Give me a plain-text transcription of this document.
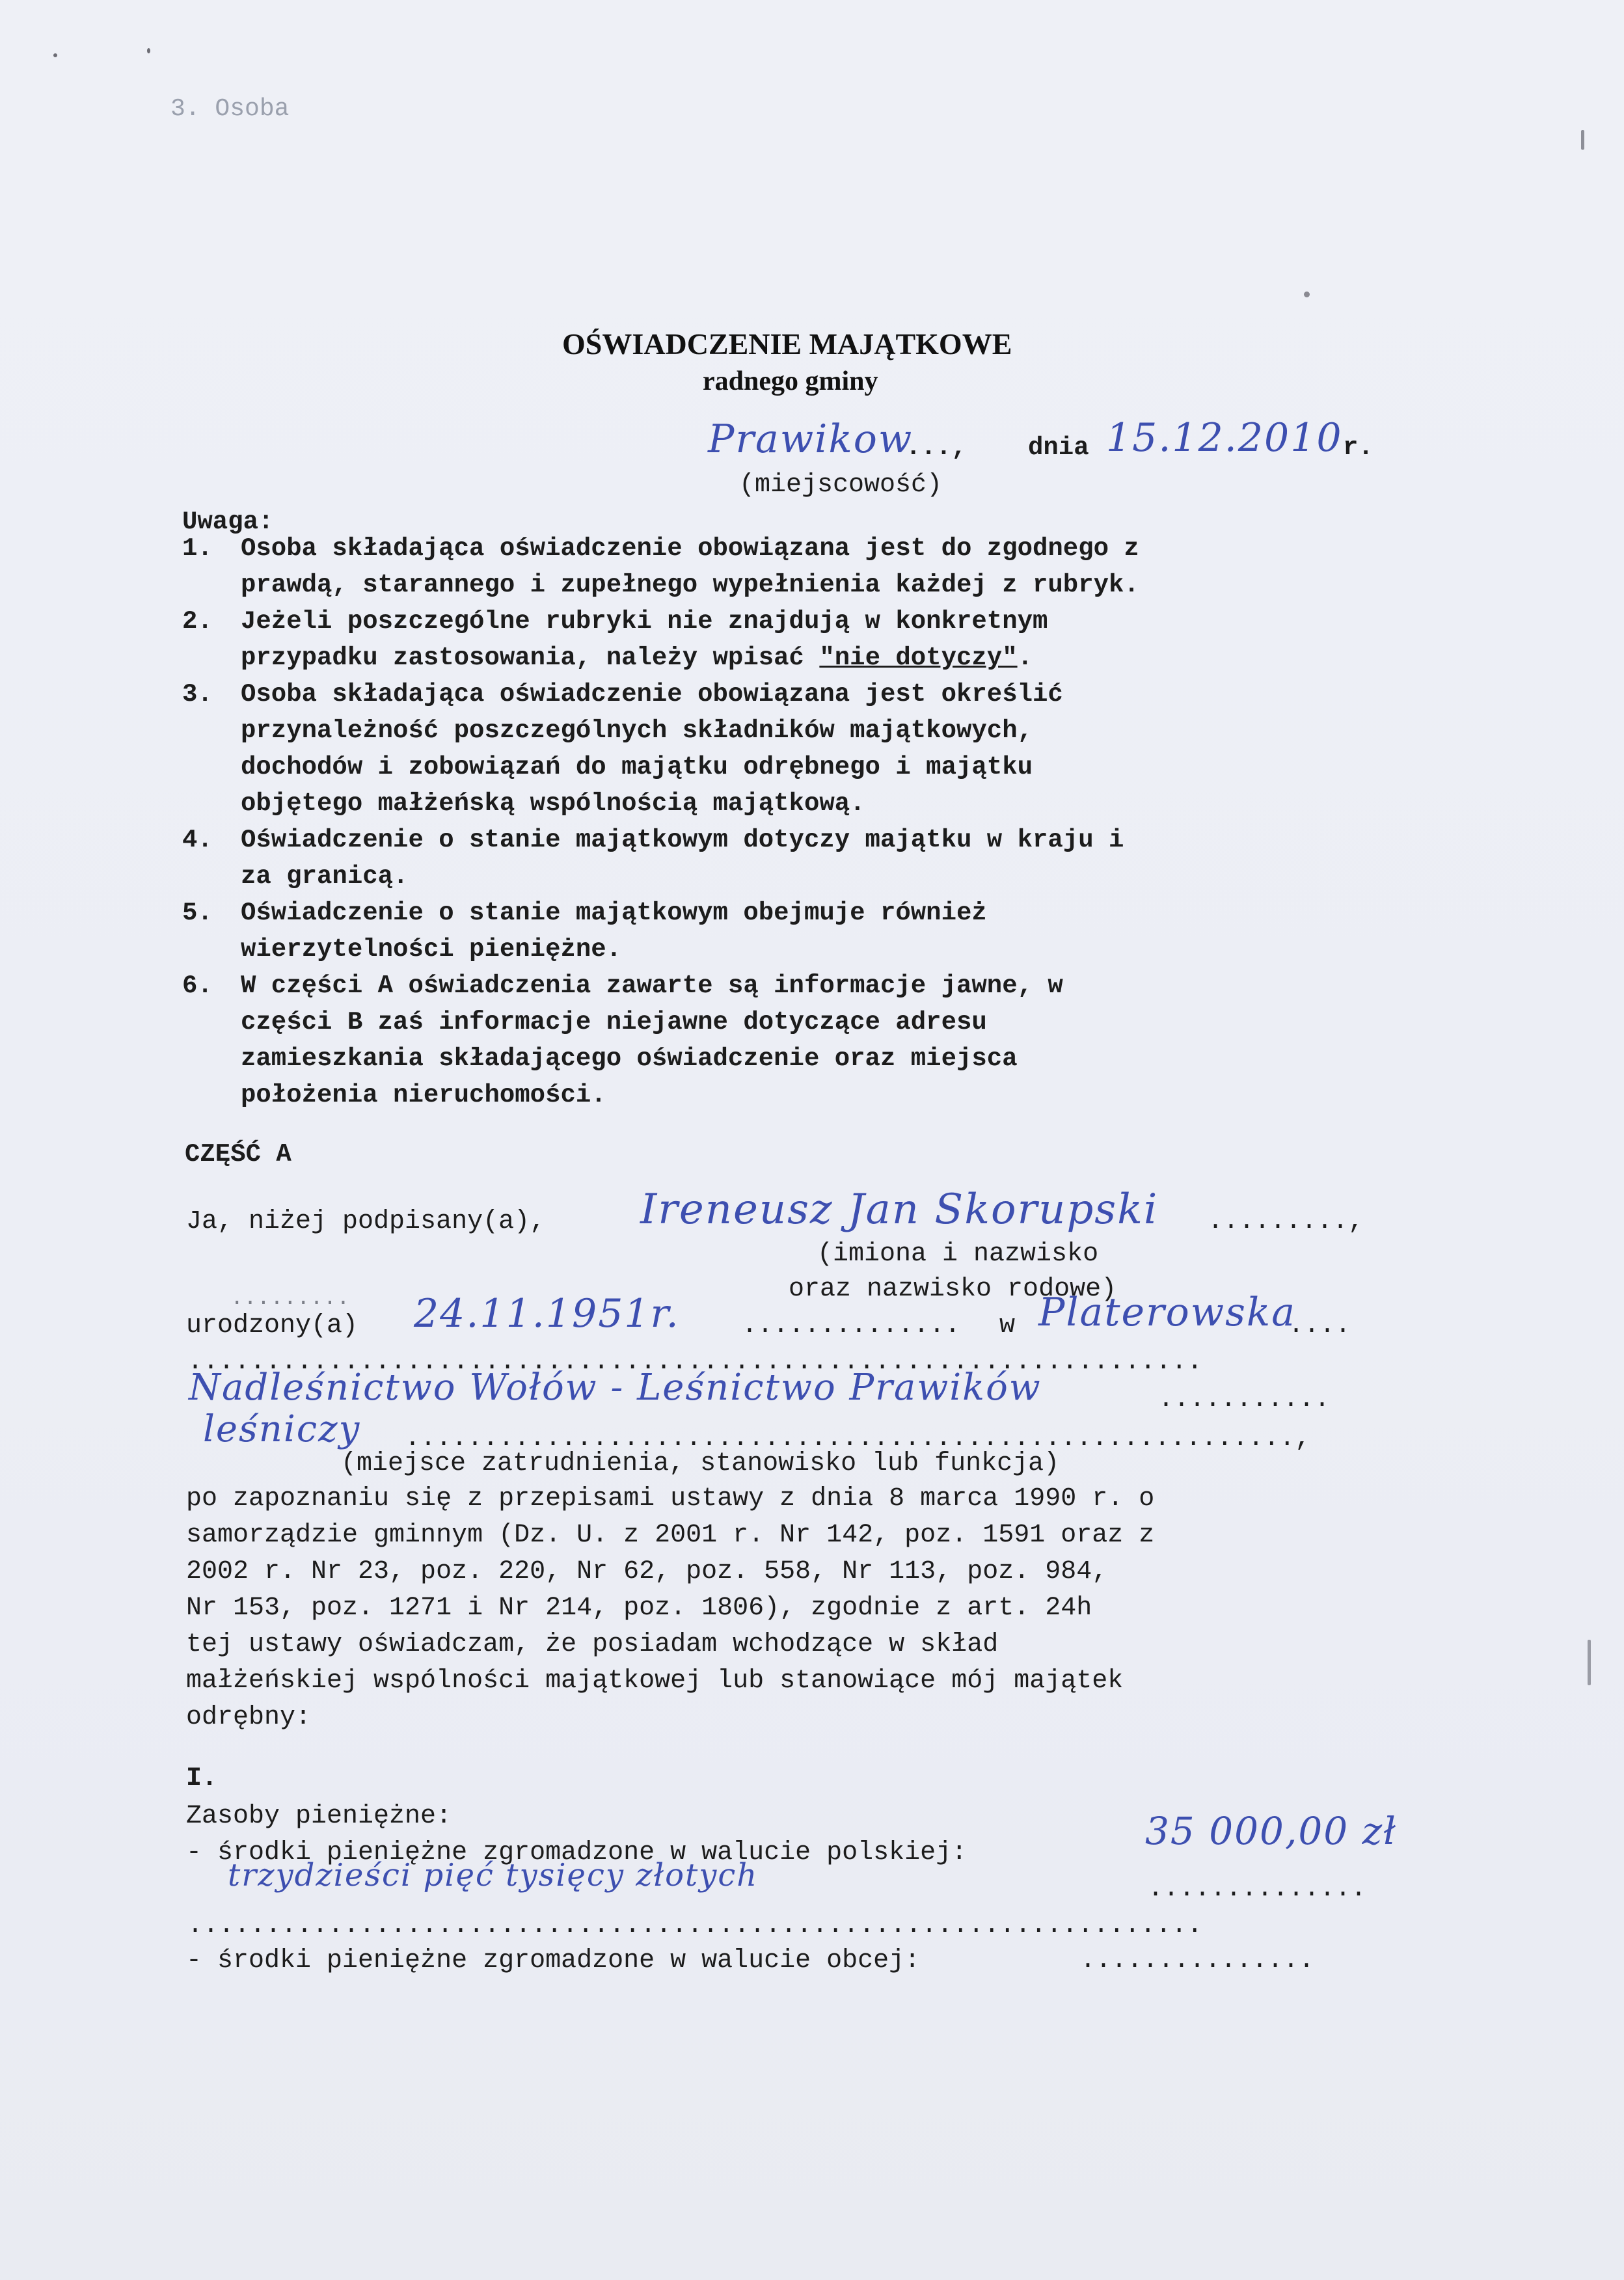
3. Osoba
OŚWIADCZENIE MAJĄTKOWE
radnego gminy
Prawikow
..., dnia 15.12.2010 r.
(miejscowość)
Uwaga:
1.	Osoba składająca oświadczenie obowiązana jest do zgodnego z
prawdą, starannego i zupełnego wypełnienia każdej z rubryk.
2.	Jeżeli poszczególne rubryki nie znajdują w konkretnym
przypadku zastosowania, należy wpisać "nie dotyczy".
3.	Osoba składająca oświadczenie obowiązana jest określić
przynależność poszczególnych składników majątkowych,
dochodów i zobowiązań do majątku odrębnego i majątku
objętego małżeńską wspólnością majątkową.
4.	Oświadczenie o stanie majątkowym dotyczy majątku w kraju i
za granicą.
5.	Oświadczenie o stanie majątkowym obejmuje również
wierzytelności pieniężne.
6.	W części A oświadczenia zawarte są informacje jawne, w
części B zaś informacje niejawne dotyczące adresu
zamieszkania składającego oświadczenie oraz miejsca
położenia nieruchomości.
CZĘŚĆ A
Ja, niżej podpisany(a), Ireneusz Jan Skorupski .........,
(imiona i nazwisko
oraz nazwisko rodowe)
.........
urodzony(a) 24.11.1951r. .............. w Platerowska
....
.................................................................
Nadleśnictwo Wołów - Leśnictwo Prawików	...........
leśniczy .........................................................,
(miejsce zatrudnienia, stanowisko lub funkcja)
po zapoznaniu się z przepisami ustawy z dnia 8 marca 1990 r. o
samorządzie gminnym (Dz. U. z 2001 r. Nr 142, poz. 1591 oraz z
2002 r. Nr 23, poz. 220, Nr 62, poz. 558, Nr 113, poz. 984,
Nr 153, poz. 1271 i Nr 214, poz. 1806), zgodnie z art. 24h
tej ustawy oświadczam, że posiadam wchodzące w skład
małżeńskiej wspólności majątkowej lub stanowiące mój majątek
odrębny:
I.
Zasoby pieniężne:
- środki pieniężne zgromadzone w walucie polskiej:	35 000,00 zł
trzydzieści pięć tysięcy złotych	..............
.................................................................
- środki pieniężne zgromadzone w walucie obcej:	...............
